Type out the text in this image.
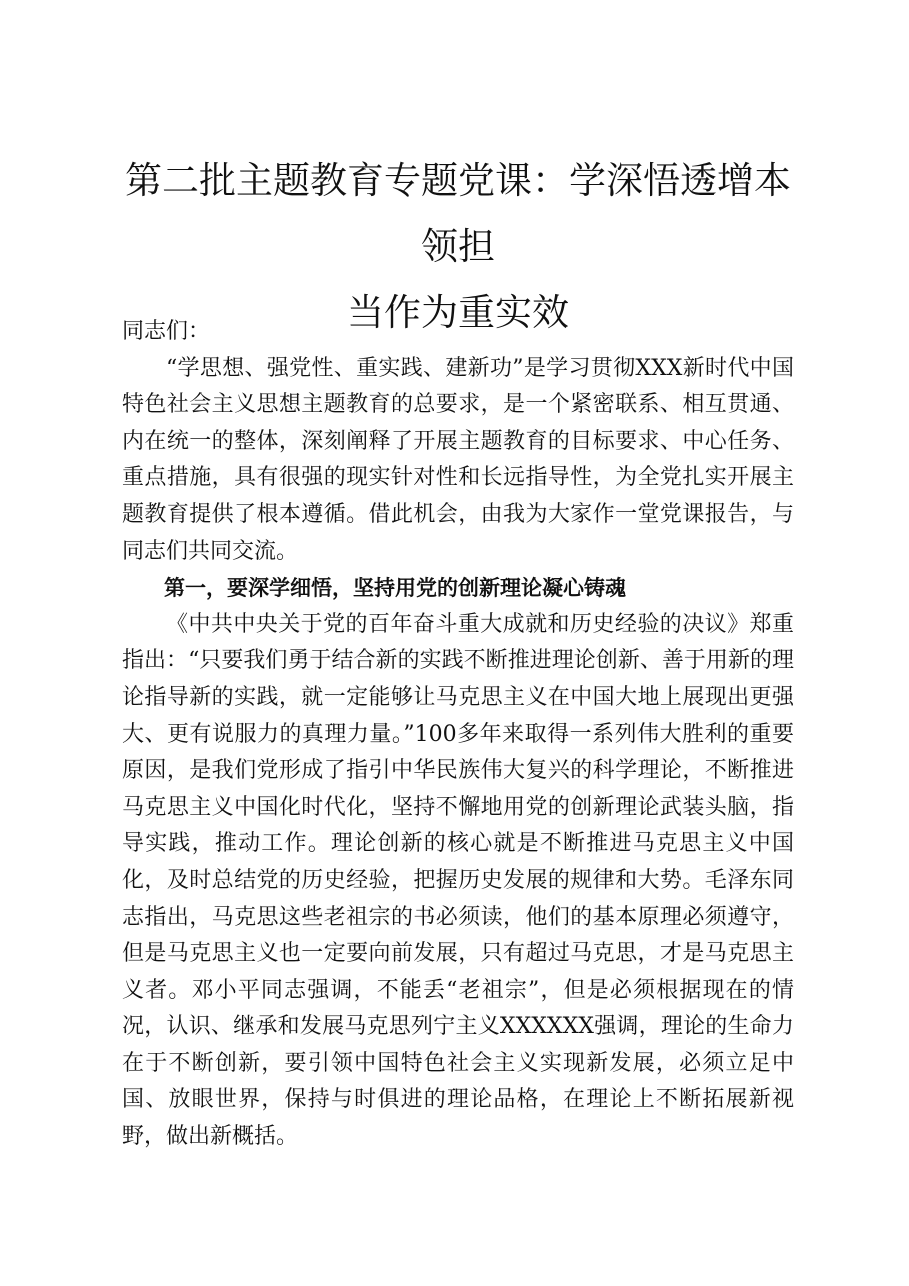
第二批主题教育专题党课：学深悟透增本领担
当作为重实效

同志们：

“学思想、强党性、重实践、建新功”是学习贯彻XXX新时代中国特色社会主义思想主题教育的总要求，是一个紧密联系、相互贯通、内在统一的整体，深刻阐释了开展主题教育的目标要求、中心任务、重点措施，具有很强的现实针对性和长远指导性，为全党扎实开展主题教育提供了根本遵循。借此机会，由我为大家作一堂党课报告，与同志们共同交流。

第一，要深学细悟，坚持用党的创新理论凝心铸魂

《中共中央关于党的百年奋斗重大成就和历史经验的决议》郑重指出：“只要我们勇于结合新的实践不断推进理论创新、善于用新的理论指导新的实践，就一定能够让马克思主义在中国大地上展现出更强大、更有说服力的真理力量。”100多年来取得一系列伟大胜利的重要原因，是我们党形成了指引中华民族伟大复兴的科学理论，不断推进马克思主义中国化时代化，坚持不懈地用党的创新理论武装头脑，指导实践，推动工作。理论创新的核心就是不断推进马克思主义中国化，及时总结党的历史经验，把握历史发展的规律和大势。毛泽东同志指出，马克思这些老祖宗的书必须读，他们的基本原理必须遵守，但是马克思主义也一定要向前发展，只有超过马克思，才是马克思主义者。邓小平同志强调，不能丢“老祖宗”，但是必须根据现在的情况，认识、继承和发展马克思列宁主义XXXXXX强调，理论的生命力在于不断创新，要引领中国特色社会主义实现新发展，必须立足中国、放眼世界，保持与时俱进的理论品格，在理论上不断拓展新视野，做出新概括。
